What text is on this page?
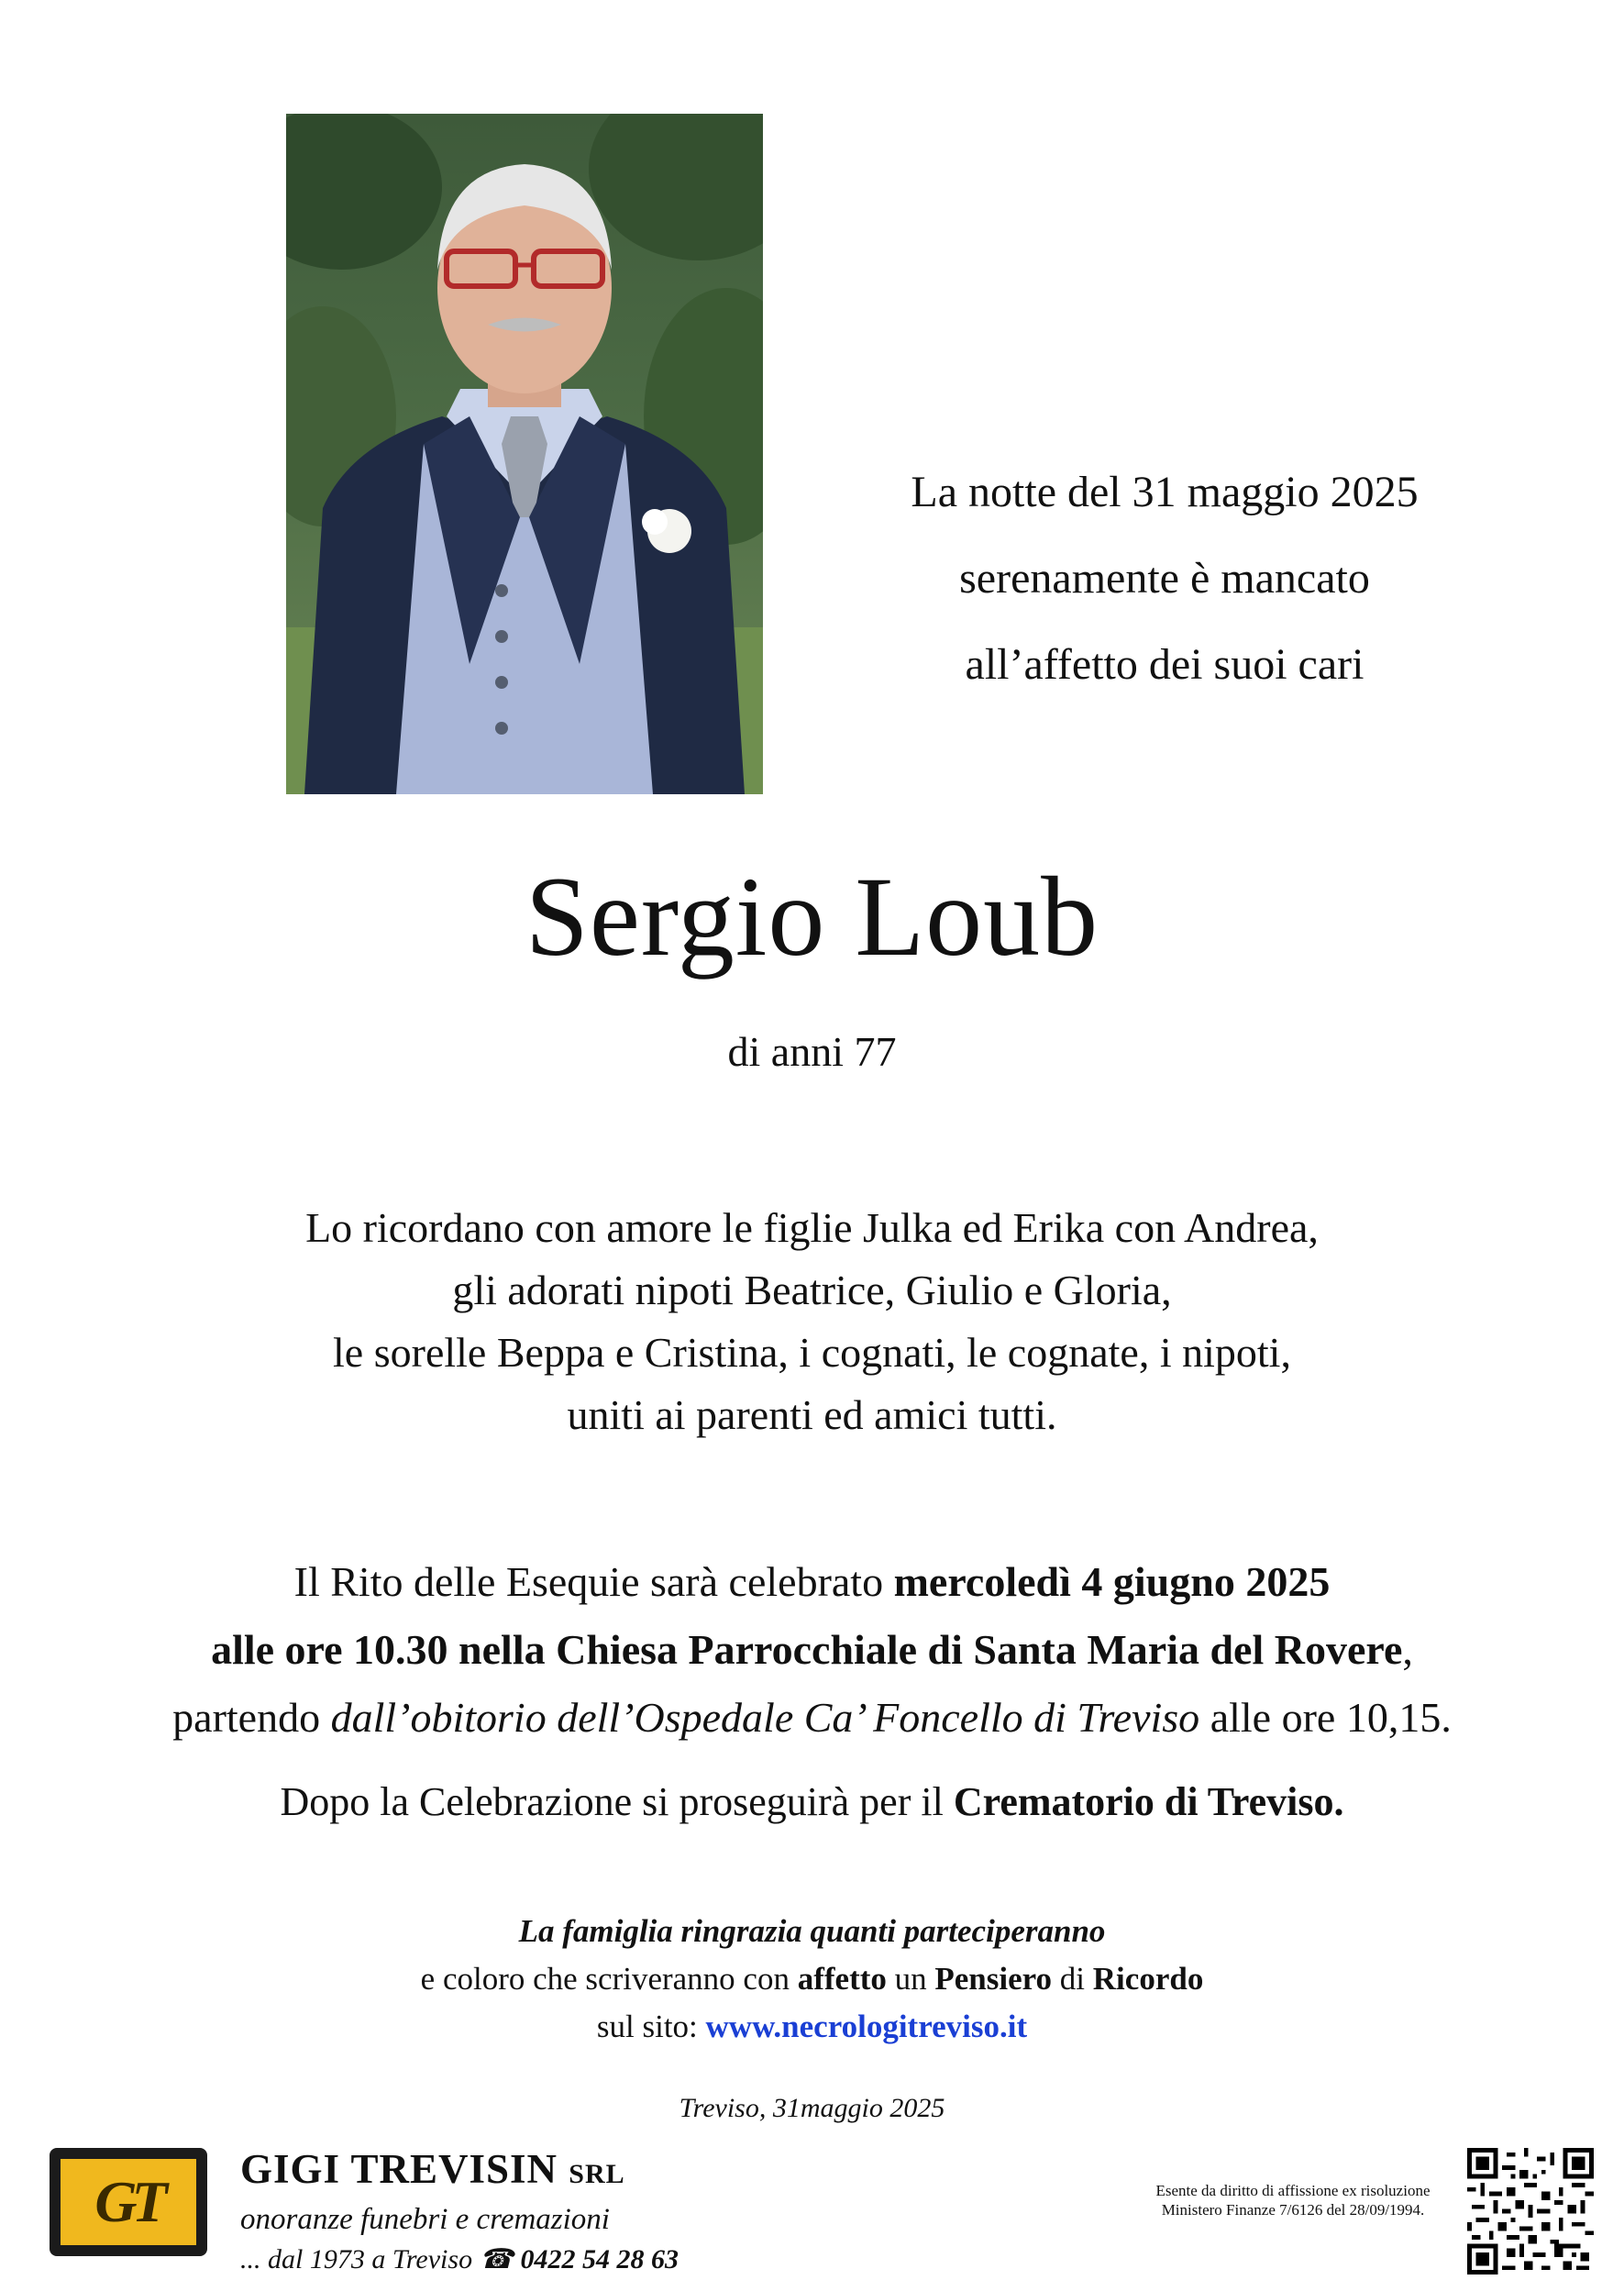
La notte del 31 maggio 2025
serenamente è mancato
all’affetto dei suoi cari
Sergio Loub
di anni 77
Lo ricordano con amore le figlie Julka ed Erika con Andrea,
gli adorati nipoti Beatrice, Giulio e Gloria,
le sorelle Beppa e Cristina, i cognati, le cognate, i nipoti,
uniti ai parenti ed amici tutti.
Il Rito delle Esequie sarà celebrato mercoledì 4 giugno 2025
alle ore 10.30 nella Chiesa Parrocchiale di Santa Maria del Rovere,
partendo dall’obitorio dell’Ospedale Ca’ Foncello di Treviso alle ore 10,15.
Dopo la Celebrazione si proseguirà per il Crematorio di Treviso.
La famiglia ringrazia quanti parteciperanno
e coloro che scriveranno con affetto un Pensiero di Ricordo
sul sito: www.necrologitreviso.it
Treviso, 31maggio 2025
GT	GIGI TREVISIN SRL
onoranze funebri e cremazioni
... dal 1973 a Treviso ☎ 0422 54 28 63
Esente da diritto di affissione ex risoluzione
Ministero Finanze 7/6126 del 28/09/1994.
